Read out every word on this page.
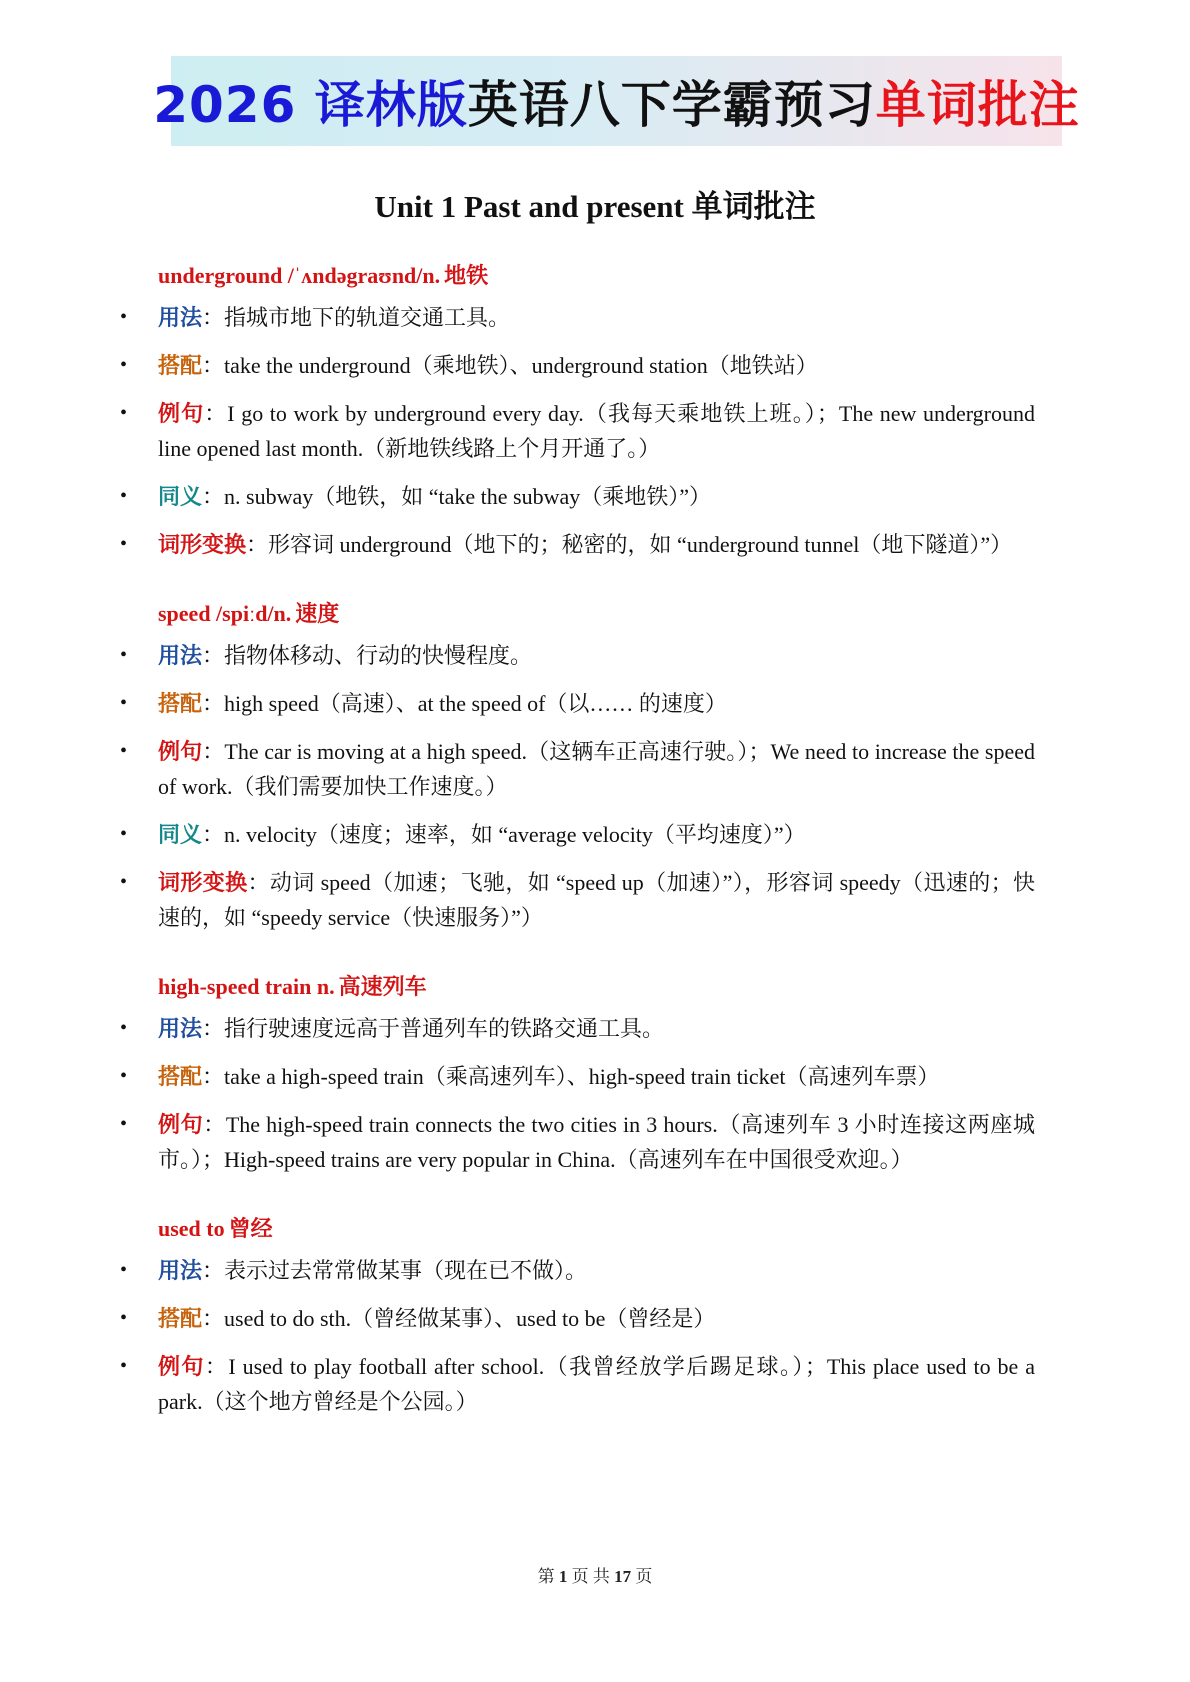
2026 译林版英语八下学霸预习单词批注
Unit 1 Past and present 单词批注
underground /ˈʌndəgraʊnd/n. 地铁
• 用法：指城市地下的轨道交通工具。
• 搭配：take the underground（乘地铁）、underground station（地铁站）
• 例句：I go to work by underground every day.（我每天乘地铁上班。）；The new underground line opened last month.（新地铁线路上个月开通了。）
• 同义：n. subway（地铁，如 “take the subway（乘地铁）”）
• 词形变换：形容词 underground（地下的；秘密的，如 “underground tunnel（地下隧道）”）
speed /spiːd/n. 速度
• 用法：指物体移动、行动的快慢程度。
• 搭配：high speed（高速）、at the speed of（以…… 的速度）
• 例句：The car is moving at a high speed.（这辆车正高速行驶。）；We need to increase the speed of work.（我们需要加快工作速度。）
• 同义：n. velocity（速度；速率，如 “average velocity（平均速度）”）
• 词形变换：动词 speed（加速；飞驰，如 “speed up（加速）”），形容词 speedy（迅速的；快速的，如 “speedy service（快速服务）”）
high-speed train n. 高速列车
• 用法：指行驶速度远高于普通列车的铁路交通工具。
• 搭配：take a high-speed train（乘高速列车）、high-speed train ticket（高速列车票）
• 例句：The high-speed train connects the two cities in 3 hours.（高速列车 3 小时连接这两座城市。）；High-speed trains are very popular in China.（高速列车在中国很受欢迎。）
used to 曾经
• 用法：表示过去常常做某事（现在已不做）。
• 搭配：used to do sth.（曾经做某事）、used to be（曾经是）
• 例句：I used to play football after school.（我曾经放学后踢足球。）；This place used to be a park.（这个地方曾经是个公园。）
第 1 页 共 17 页
